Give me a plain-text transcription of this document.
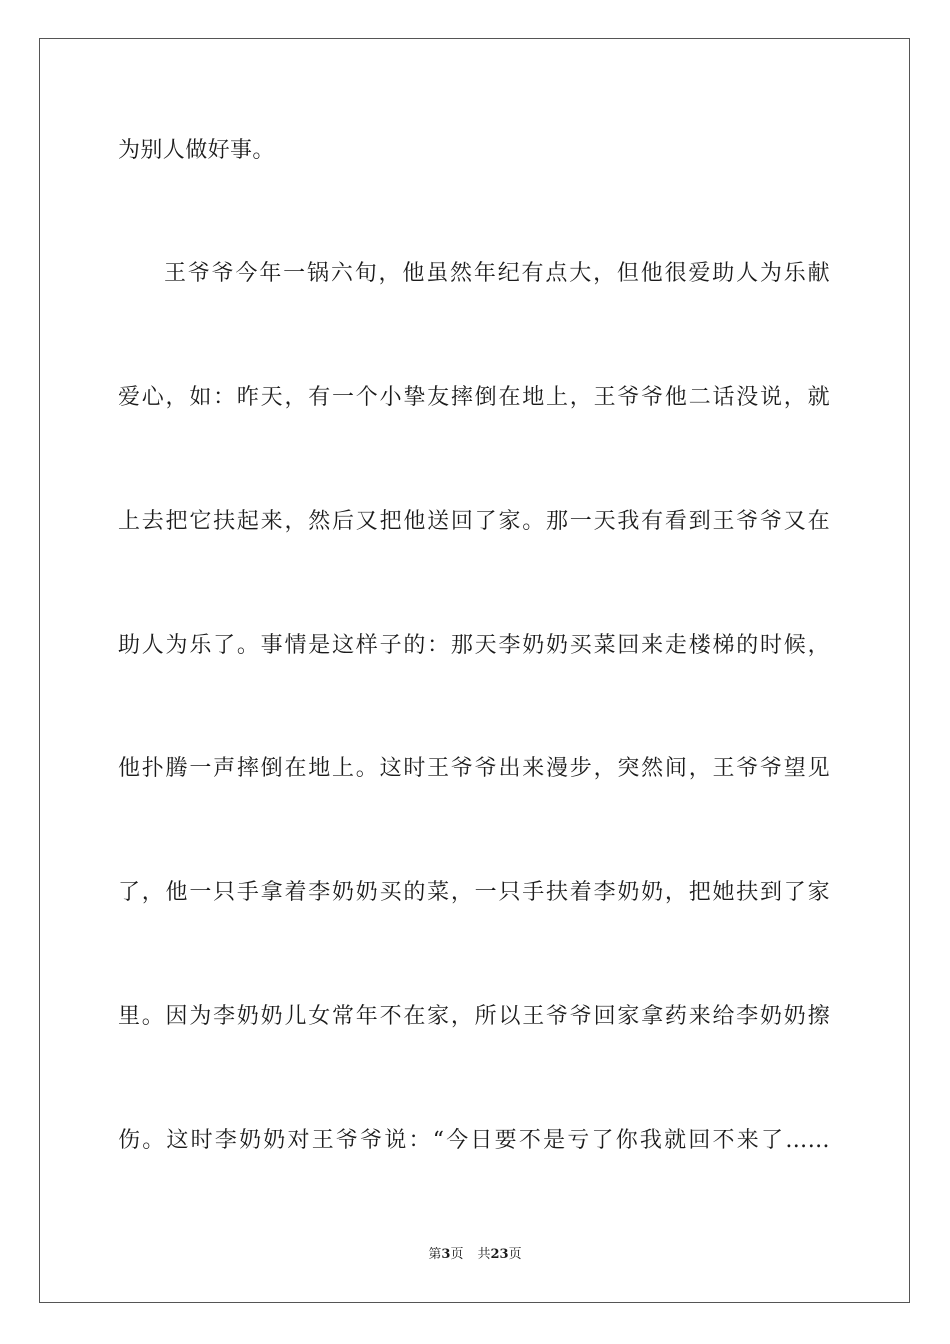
为别人做好事。
王爷爷今年一锅六旬，他虽然年纪有点大，但他很爱助人为乐献
爱心，如：昨天，有一个小挚友摔倒在地上，王爷爷他二话没说，就
上去把它扶起来，然后又把他送回了家。那一天我有看到王爷爷又在
助人为乐了。事情是这样子的：那天李奶奶买菜回来走楼梯的时候，
他扑腾一声摔倒在地上。这时王爷爷出来漫步，突然间，王爷爷望见
了，他一只手拿着李奶奶买的菜，一只手扶着李奶奶，把她扶到了家
里。因为李奶奶儿女常年不在家，所以王爷爷回家拿药来给李奶奶擦
伤。这时李奶奶对王爷爷说：“今日要不是亏了你我就回不来了……
第3页 共23页
